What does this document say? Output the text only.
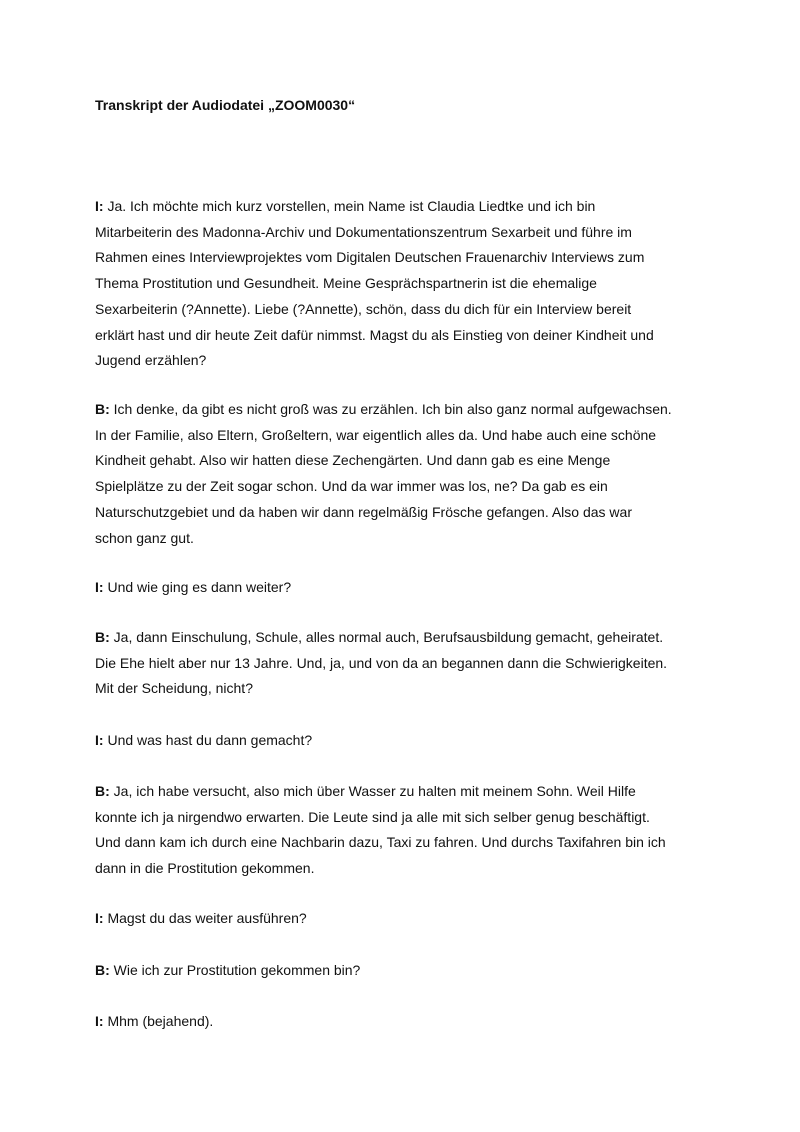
Transkript der Audiodatei „ZOOM0030“

I: Ja. Ich möchte mich kurz vorstellen, mein Name ist Claudia Liedtke und ich bin
Mitarbeiterin des Madonna-Archiv und Dokumentationszentrum Sexarbeit und führe im
Rahmen eines Interviewprojektes vom Digitalen Deutschen Frauenarchiv Interviews zum
Thema Prostitution und Gesundheit. Meine Gesprächspartnerin ist die ehemalige
Sexarbeiterin (?Annette). Liebe (?Annette), schön, dass du dich für ein Interview bereit
erklärt hast und dir heute Zeit dafür nimmst. Magst du als Einstieg von deiner Kindheit und
Jugend erzählen?

B: Ich denke, da gibt es nicht groß was zu erzählen. Ich bin also ganz normal aufgewachsen.
In der Familie, also Eltern, Großeltern, war eigentlich alles da. Und habe auch eine schöne
Kindheit gehabt. Also wir hatten diese Zechengärten. Und dann gab es eine Menge
Spielplätze zu der Zeit sogar schon. Und da war immer was los, ne? Da gab es ein
Naturschutzgebiet und da haben wir dann regelmäßig Frösche gefangen. Also das war
schon ganz gut.

I: Und wie ging es dann weiter?

B: Ja, dann Einschulung, Schule, alles normal auch, Berufsausbildung gemacht, geheiratet.
Die Ehe hielt aber nur 13 Jahre. Und, ja, und von da an begannen dann die Schwierigkeiten.
Mit der Scheidung, nicht?

I: Und was hast du dann gemacht?

B: Ja, ich habe versucht, also mich über Wasser zu halten mit meinem Sohn. Weil Hilfe
konnte ich ja nirgendwo erwarten. Die Leute sind ja alle mit sich selber genug beschäftigt.
Und dann kam ich durch eine Nachbarin dazu, Taxi zu fahren. Und durchs Taxifahren bin ich
dann in die Prostitution gekommen.

I: Magst du das weiter ausführen?

B: Wie ich zur Prostitution gekommen bin?

I: Mhm (bejahend).
